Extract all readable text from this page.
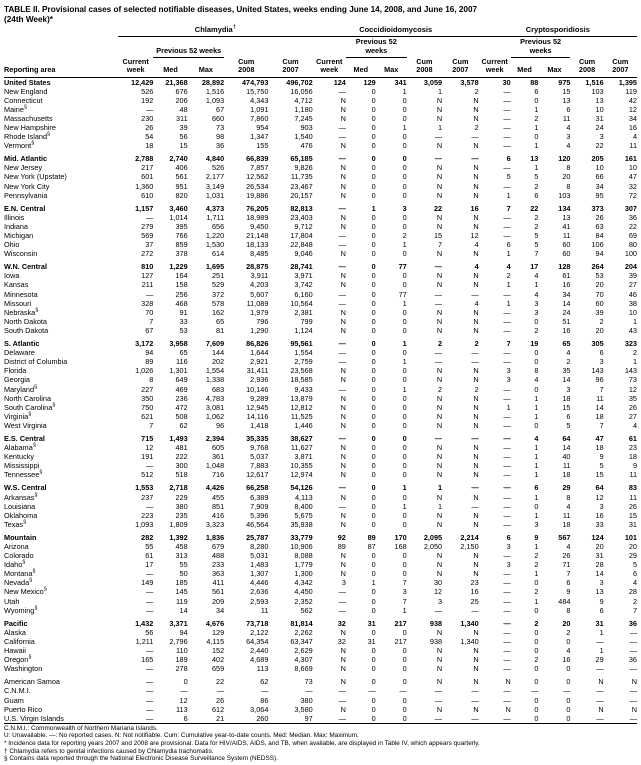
TABLE II. Provisional cases of selected notifiable diseases, United States, weeks ending June 14, 2008, and June 16, 2007
(24th Week)*
	Chlamydia†					Coccidioidomycosis					Cryptosporidiosis				

		Previous 52 weeks					Previous 52 weeks					Previous 52 weeks			

Reporting area	Current
week	Med	Max	Cum
2008	Cum
2007	Current
week	Med	Max	Cum
2008	Cum
2007	Current
week	Med	Max	Cum
2008	Cum
2007

United States	12,429	21,368	28,892	474,793	496,702	124	129	341	3,059	3,578	30	88	975	1,516	1,395
New England	526	676	1,516	15,750	16,056	—	0	1	1	2	—	6	15	103	119
Connecticut	192	206	1,093	4,343	4,712	N	0	0	N	N	—	0	13	13	42
Maine§	—	48	67	1,091	1,180	N	0	0	N	N	—	1	6	10	12
Massachusetts	230	311	660	7,860	7,245	N	0	0	N	N	—	2	11	31	34
New Hampshire	26	39	73	954	903	—	0	1	1	2	—	1	4	24	16
Rhode Island§	54	56	98	1,347	1,540	—	0	0	—	—	—	0	3	3	4
Vermont§	18	15	36	155	476	N	0	0	N	N	—	1	4	22	11

Mid. Atlantic	2,788	2,740	4,840	66,839	65,185	—	0	0	—	—	6	13	120	205	161
New Jersey	217	406	526	7,857	9,826	N	0	0	N	N	—	1	8	10	10
New York (Upstate)	601	561	2,177	12,562	11,735	N	0	0	N	N	5	5	20	66	47
New York City	1,360	951	3,149	26,534	23,467	N	0	0	N	N	—	2	8	34	32
Pennsylvania	610	820	1,031	19,886	20,157	N	0	0	N	N	1	6	103	95	72

E.N. Central	1,157	3,460	4,373	76,205	82,813	—	1	3	22	16	7	22	134	373	307
Illinois	—	1,014	1,711	18,989	23,403	N	0	0	N	N	—	2	13	26	36
Indiana	279	395	656	9,450	9,712	N	0	0	N	N	—	2	41	63	22
Michigan	569	766	1,220	21,148	17,804	—	0	2	15	12	—	5	11	84	69
Ohio	37	859	1,530	18,133	22,848	—	0	1	7	4	6	5	60	106	80
Wisconsin	272	378	614	8,485	9,046	N	0	0	N	N	1	7	60	94	100

W.N. Central	810	1,229	1,695	28,875	28,741	—	0	77	—	4	4	17	128	264	204
Iowa	127	164	251	3,911	3,971	N	0	0	N	N	2	4	61	53	39
Kansas	211	158	529	4,203	3,742	N	0	0	N	N	1	1	16	20	27
Minnesota	—	256	372	5,607	6,160	—	0	77	—	—	—	4	34	70	46
Missouri	328	468	578	11,089	10,564	—	0	1	—	4	1	3	14	60	38
Nebraska§	70	91	162	1,979	2,381	N	0	0	N	N	—	3	24	39	10
North Dakota	7	33	65	796	799	N	0	0	N	N	—	0	51	2	1
South Dakota	67	53	81	1,290	1,124	N	0	0	N	N	—	2	16	20	43

S. Atlantic	3,172	3,958	7,609	86,826	95,561	—	0	1	2	2	7	19	65	305	323
Delaware	94	65	144	1,644	1,554	—	0	0	—	—	—	0	4	6	2
District of Columbia	89	116	202	2,921	2,759	—	0	1	—	—	—	0	2	3	1
Florida	1,026	1,301	1,554	31,411	23,568	N	0	0	N	N	3	8	35	143	143
Georgia	8	649	1,338	2,936	18,585	N	0	0	N	N	3	4	14	96	73
Maryland§	227	469	683	10,146	9,433	—	0	1	2	2	—	0	3	7	12
North Carolina	350	236	4,783	9,289	13,879	N	0	0	N	N	—	1	18	11	35
South Carolina§	750	472	3,081	12,945	12,812	N	0	0	N	N	1	1	15	14	26
Virginia§	621	508	1,062	14,116	11,525	N	0	0	N	N	—	1	6	18	27
West Virginia	7	62	96	1,418	1,446	N	0	0	N	N	—	0	5	7	4

E.S. Central	715	1,493	2,394	35,335	38,627	—	0	0	—	—	—	4	64	47	61
Alabama§	12	481	605	9,768	11,627	N	0	0	N	N	—	1	14	18	23
Kentucky	191	222	361	5,037	3,871	N	0	0	N	N	—	1	40	9	18
Mississippi	—	300	1,048	7,883	10,355	N	0	0	N	N	—	1	11	5	9
Tennessee§	512	518	716	12,617	12,974	N	0	0	N	N	—	1	18	15	11

W.S. Central	1,553	2,718	4,426	66,258	54,126	—	0	1	1	—	—	6	29	64	83
Arkansas§	237	229	455	6,389	4,113	N	0	0	N	N	—	1	8	12	11
Louisiana	—	380	851	7,909	8,400	—	0	1	1	—	—	0	4	3	26
Oklahoma	223	235	416	5,396	5,675	N	0	0	N	N	—	1	11	16	15
Texas§	1,093	1,809	3,323	46,564	35,938	N	0	0	N	N	—	3	18	33	31

Mountain	282	1,392	1,836	25,787	33,779	92	89	170	2,095	2,214	6	9	567	124	101
Arizona	55	458	679	8,280	10,906	89	87	168	2,050	2,150	3	1	4	20	20
Colorado	61	313	488	5,031	8,088	N	0	0	N	N	—	2	26	31	29
Idaho§	17	55	233	1,483	1,779	N	0	0	N	N	3	2	71	28	5
Montana§	—	50	363	1,307	1,300	N	0	0	N	N	—	1	7	14	6
Nevada§	149	185	411	4,446	4,342	3	1	7	30	23	—	0	6	3	4
New Mexico§	—	145	561	2,636	4,450	—	0	3	12	16	—	2	9	13	28
Utah	—	119	209	2,593	2,352	—	0	7	3	25	—	1	484	9	2
Wyoming§	—	14	34	11	562	—	0	1	—	—	—	0	8	6	7

Pacific	1,432	3,371	4,676	73,718	81,814	32	31	217	938	1,340	—	2	20	31	36
Alaska	56	94	129	2,122	2,262	N	0	0	N	N	—	0	2	1	—
California	1,211	2,796	4,115	64,354	63,347	32	31	217	938	1,340	—	0	0	—	—
Hawaii	—	110	152	2,440	2,629	N	0	0	N	N	—	0	4	1	—
Oregon§	165	189	402	4,689	4,307	N	0	0	N	N	—	2	16	29	36
Washington	—	278	659	113	8,669	N	0	0	N	N	—	0	0	—	—

American Samoa	—	0	22	62	73	N	0	0	N	N	N	0	0	N	N
C.N.M.I.	—	—	—	—	—	—	—	—	—	—	—	—	—	—	—
Guam	—	12	26	86	380	—	0	0	—	—	—	0	0	—	—
Puerto Rico	—	113	612	3,064	3,580	N	0	0	N	N	N	0	0	N	N
U.S. Virgin Islands	—	6	21	260	97	—	0	0	—	—	—	0	0	—	—
C.N.M.I.: Commonwealth of Northern Mariana Islands.
U: Unavailable. —: No reported cases. N: Not notifiable. Cum: Cumulative year-to-date counts. Med: Median. Max: Maximum.
* Incidence data for reporting years 2007 and 2008 are provisional. Data for HIV/AIDS, AIDS, and TB, when available, are displayed in Table IV, which appears quarterly.
† Chlamydia refers to genital infections caused by Chlamydia trachomatis.
§ Contains data reported through the National Electronic Disease Surveillance System (NEDSS).
